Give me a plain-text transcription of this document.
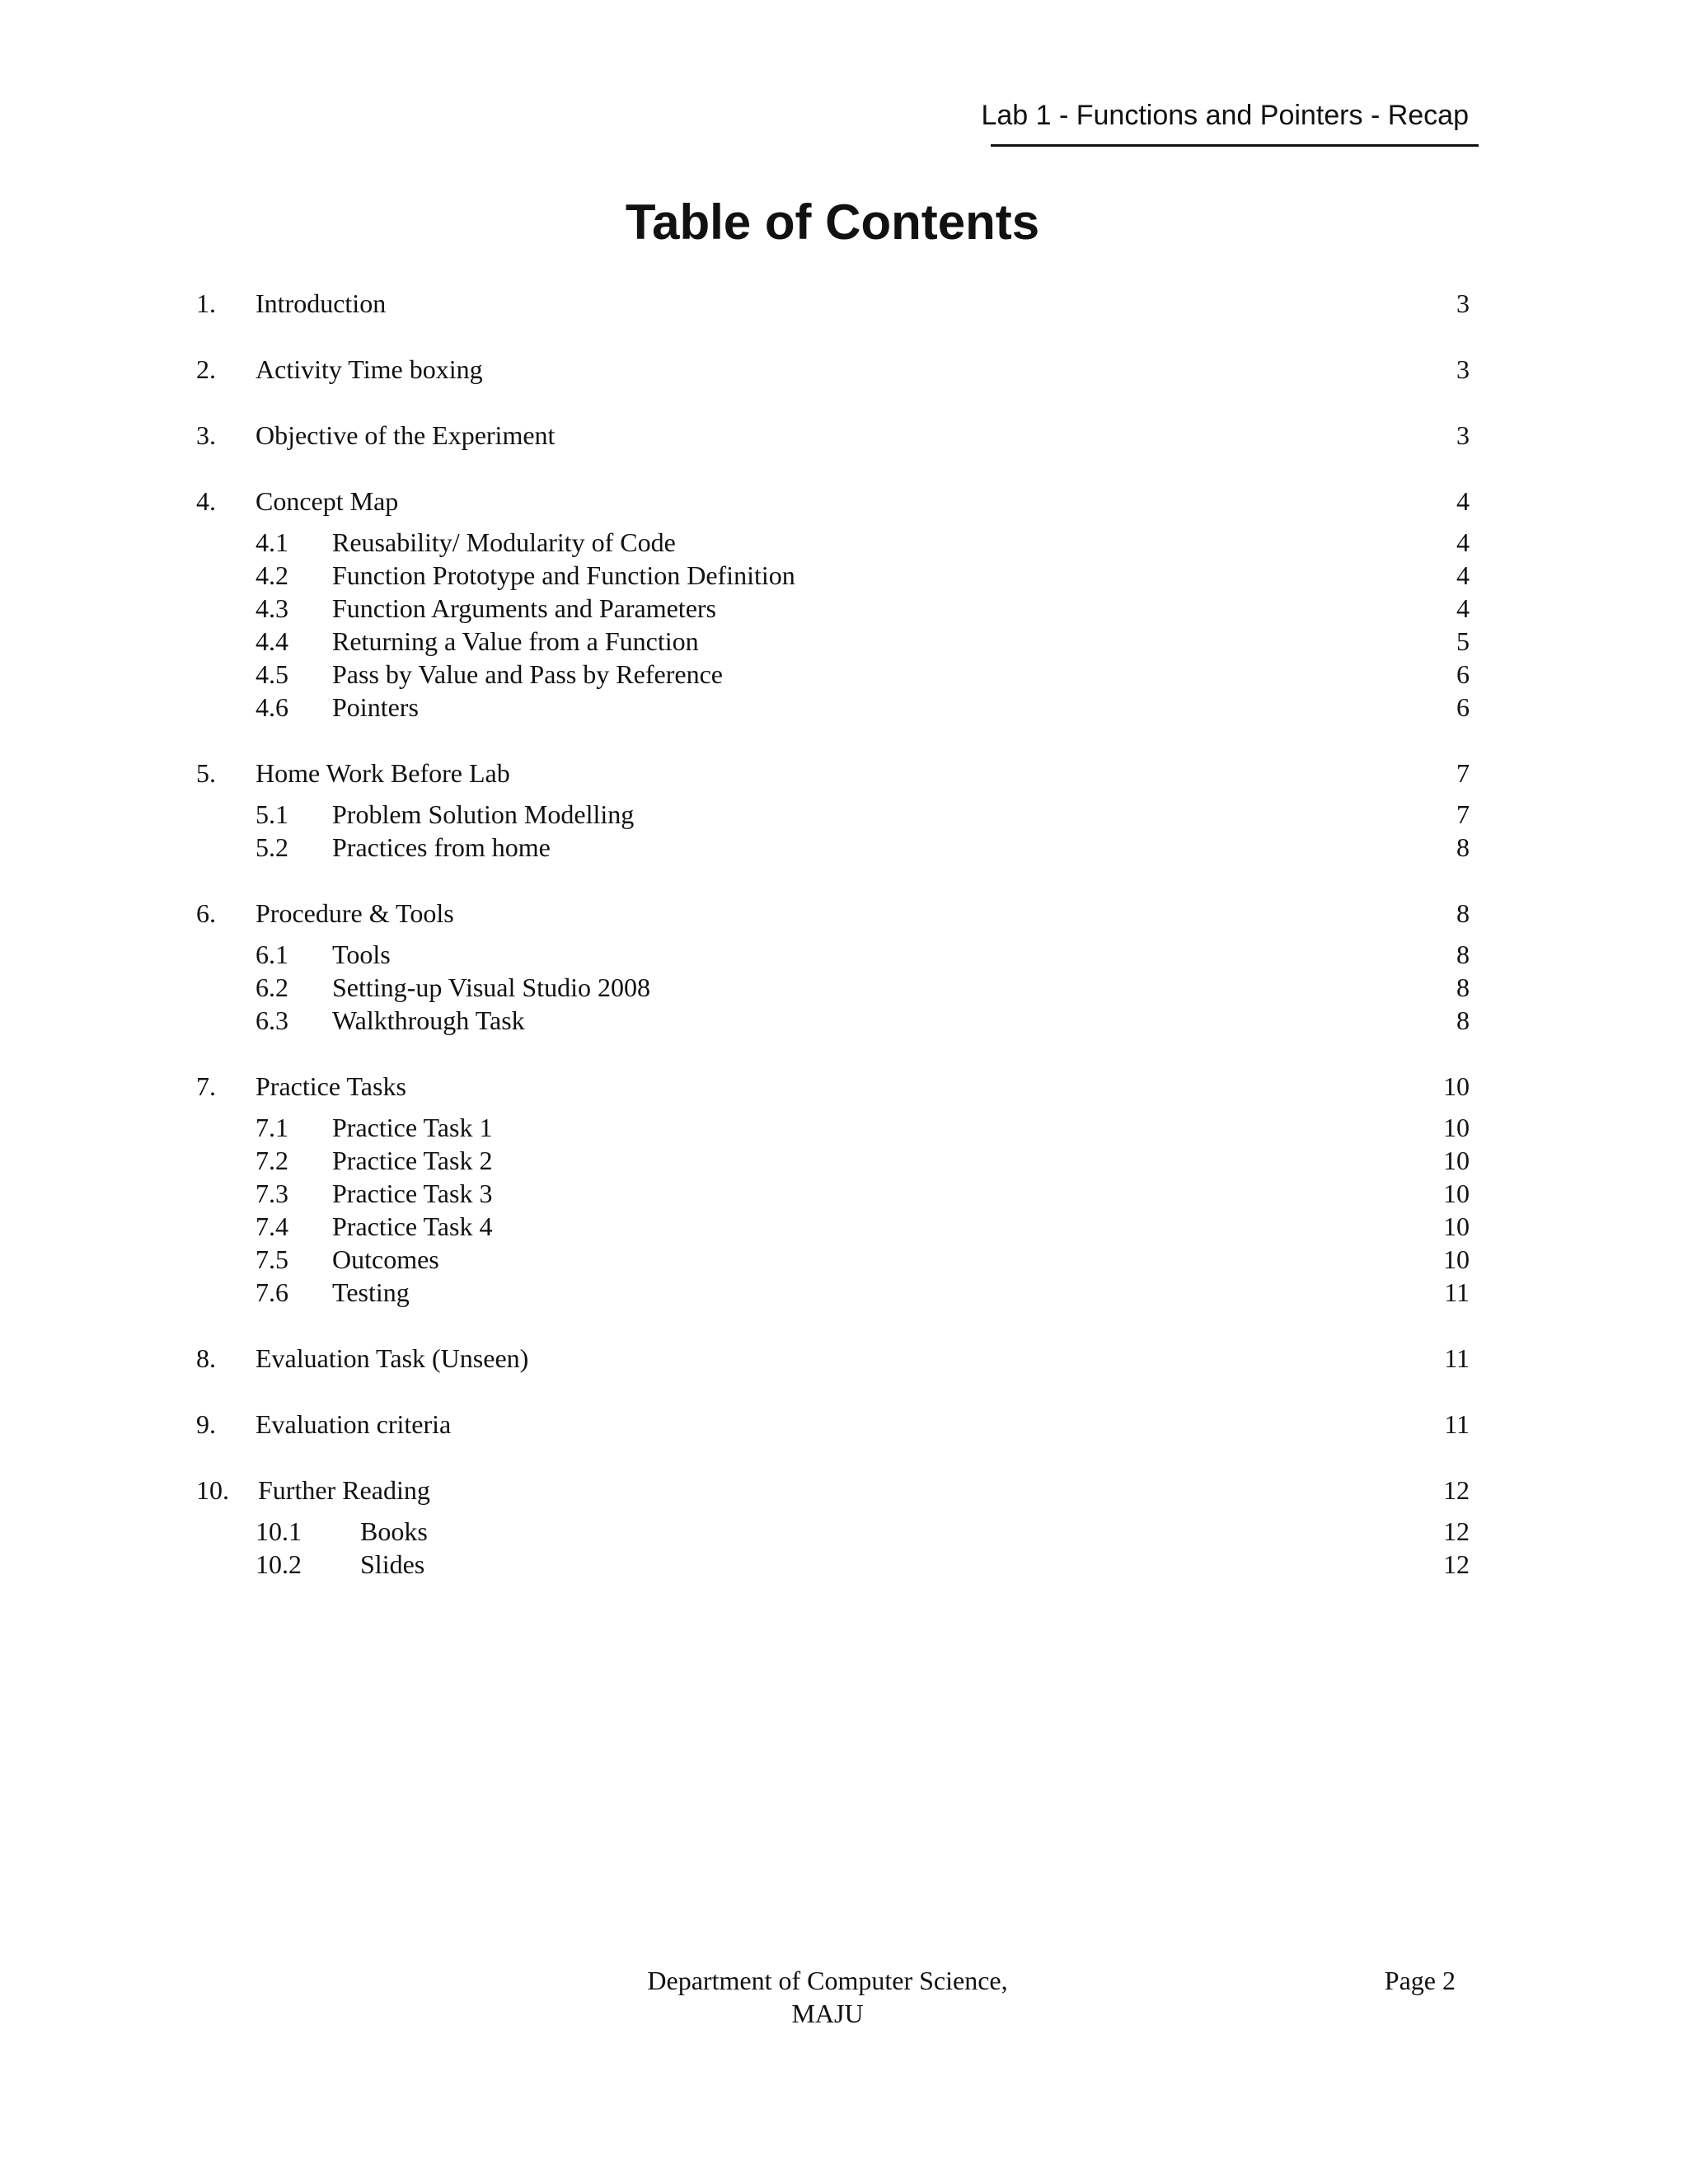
Lab 1 - Functions and Pointers - Recap
Table of Contents
1. Introduction	3
2. Activity Time boxing	3
3. Objective of the Experiment	3
4. Concept Map	4
4.1 Reusability/ Modularity of Code	4
4.2 Function Prototype and Function Definition	4
4.3 Function Arguments and Parameters	4
4.4 Returning a Value from a Function	5
4.5 Pass by Value and Pass by Reference	6
4.6 Pointers	6
5. Home Work Before Lab	7
5.1 Problem Solution Modelling	7
5.2 Practices from home	8
6. Procedure & Tools	8
6.1 Tools	8
6.2 Setting-up Visual Studio 2008	8
6.3 Walkthrough Task	8
7. Practice Tasks	10
7.1 Practice Task 1	10
7.2 Practice Task 2	10
7.3 Practice Task 3	10
7.4 Practice Task 4	10
7.5 Outcomes	10
7.6 Testing	11
8. Evaluation Task (Unseen)	11
9. Evaluation criteria	11
10. Further Reading	12
10.1 Books	12
10.2 Slides	12
Department of Computer Science,
MAJU
Page 2
